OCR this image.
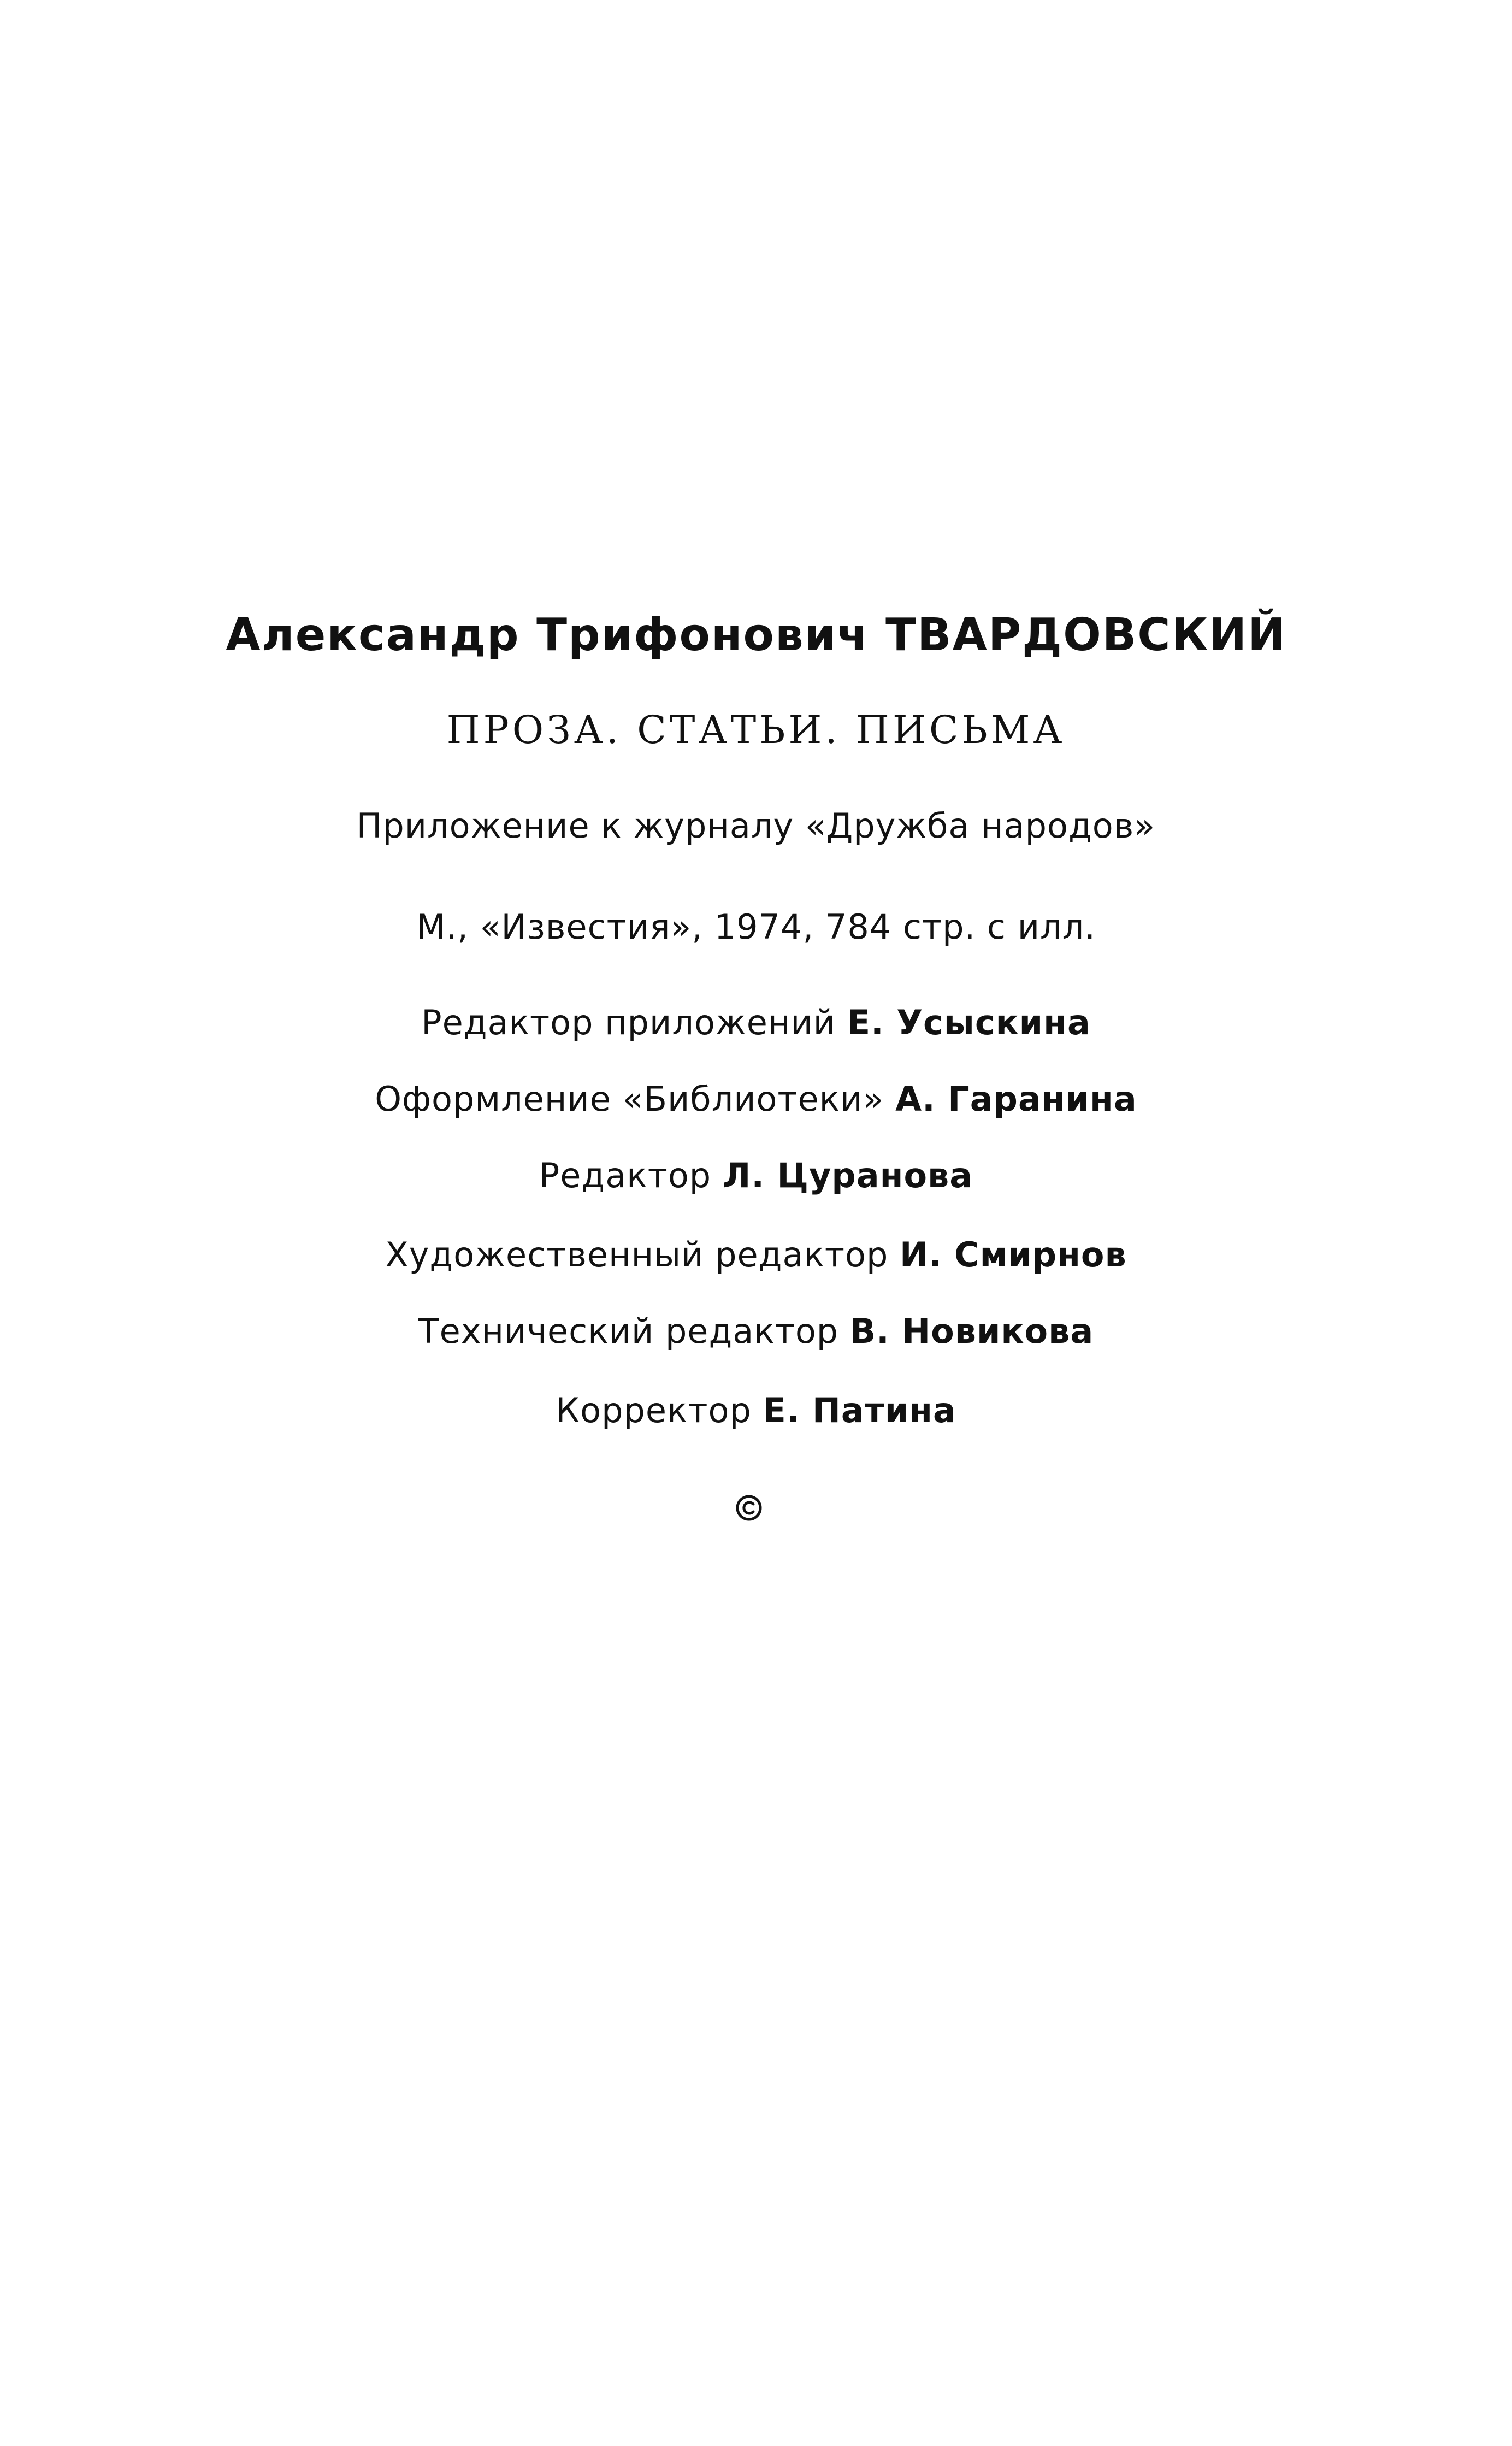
Александр Трифонович ТВАРДОВСКИЙ
ПРОЗА. СТАТЬИ. ПИСЬМА
Приложение к журналу «Дружба народов»
М., «Известия», 1974, 784 стр. с илл.
Редактор приложений Е. Усыскина
Оформление «Библиотеки» А. Гаранина
Редактор Л. Цуранова
Художественный редактор И. Смирнов
Технический редактор В. Новикова
Корректор Е. Патина
